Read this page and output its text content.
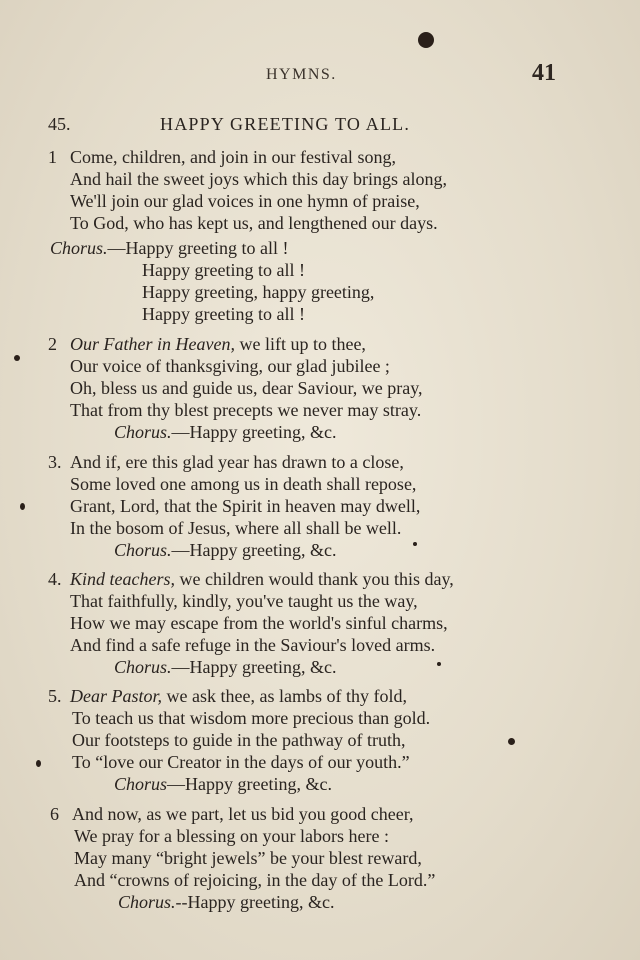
HYMNS.	41
45.	HAPPY GREETING TO ALL.
1 Come, children, and join in our festival song,
And hail the sweet joys which this day brings along,
We'll join our glad voices in one hymn of praise,
To God, who has kept us, and lengthened our days.
Chorus.—Happy greeting to all !
Happy greeting to all !
Happy greeting, happy greeting,
Happy greeting to all !
2 Our Father in Heaven, we lift up to thee,
Our voice of thanksgiving, our glad jubilee ;
Oh, bless us and guide us, dear Saviour, we pray,
That from thy blest precepts we never may stray.
Chorus.—Happy greeting, &c.
3. And if, ere this glad year has drawn to a close,
Some loved one among us in death shall repose,
Grant, Lord, that the Spirit in heaven may dwell,
In the bosom of Jesus, where all shall be well.
Chorus.—Happy greeting, &c.
4. Kind teachers, we children would thank you this day,
That faithfully, kindly, you've taught us the way,
How we may escape from the world's sinful charms,
And find a safe refuge in the Saviour's loved arms.
Chorus.—Happy greeting, &c.
5. Dear Pastor, we ask thee, as lambs of thy fold,
To teach us that wisdom more precious than gold.
Our footsteps to guide in the pathway of truth,
To “love our Creator in the days of our youth.”
Chorus—Happy greeting, &c.
6 And now, as we part, let us bid you good cheer,
We pray for a blessing on your labors here :
May many “bright jewels” be your blest reward,
And “crowns of rejoicing, in the day of the Lord.”
Chorus.--Happy greeting, &c.
